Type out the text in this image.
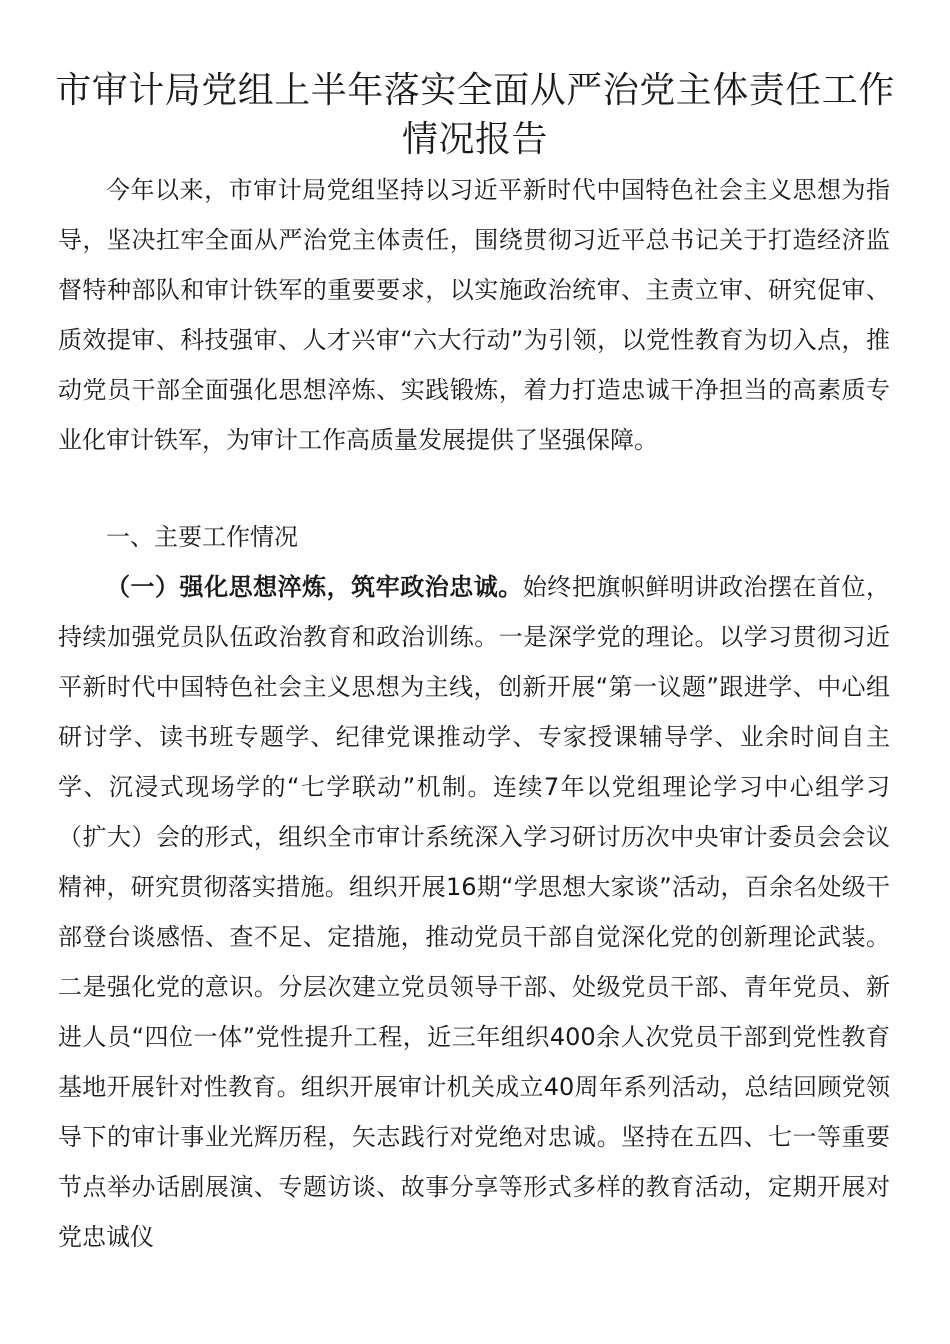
市审计局党组上半年落实全面从严治党主体责任工作情况报告

今年以来，市审计局党组坚持以习近平新时代中国特色社会主义思想为指导，坚决扛牢全面从严治党主体责任，围绕贯彻习近平总书记关于打造经济监督特种部队和审计铁军的重要要求，以实施政治统审、主责立审、研究促审、质效提审、科技强审、人才兴审“六大行动”为引领，以党性教育为切入点，推动党员干部全面强化思想淬炼、实践锻炼，着力打造忠诚干净担当的高素质专业化审计铁军，为审计工作高质量发展提供了坚强保障。

一、主要工作情况

（一）强化思想淬炼，筑牢政治忠诚。始终把旗帜鲜明讲政治摆在首位，持续加强党员队伍政治教育和政治训练。一是深学党的理论。以学习贯彻习近平新时代中国特色社会主义思想为主线，创新开展“第一议题”跟进学、中心组研讨学、读书班专题学、纪律党课推动学、专家授课辅导学、业余时间自主学、沉浸式现场学的“七学联动”机制。连续7年以党组理论学习中心组学习（扩大）会的形式，组织全市审计系统深入学习研讨历次中央审计委员会会议精神，研究贯彻落实措施。组织开展16期“学思想大家谈”活动，百余名处级干部登台谈感悟、查不足、定措施，推动党员干部自觉深化党的创新理论武装。二是强化党的意识。分层次建立党员领导干部、处级党员干部、青年党员、新进人员“四位一体”党性提升工程，近三年组织400余人次党员干部到党性教育基地开展针对性教育。组织开展审计机关成立40周年系列活动，总结回顾党领导下的审计事业光辉历程，矢志践行对党绝对忠诚。坚持在五四、七一等重要节点举办话剧展演、专题访谈、故事分享等形式多样的教育活动，定期开展对党忠诚仪
